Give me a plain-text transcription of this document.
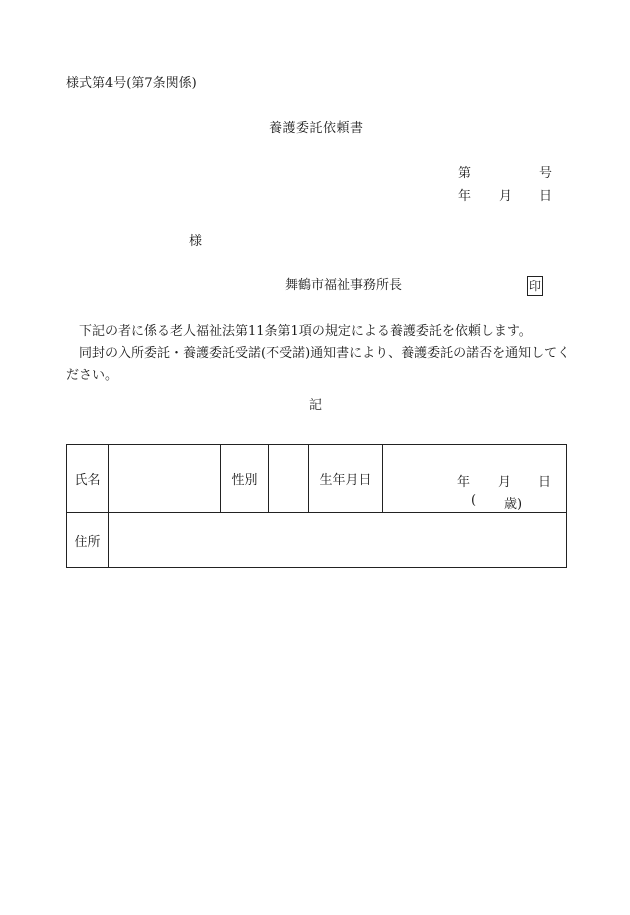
様式第4号(第7条関係)
養護委託依頼書
第	号
年 月 日
様
舞鶴市福祉事務所長	印

下記の者に係る老人福祉法第11条第1項の規定による養護委託を依頼します。

同封の入所委託・養護委託受諾(不受諾)通知書により、養護委託の諾否を通知してください。

記
氏名		性別		生年月日	年 月 日
( 歳)

住所					
